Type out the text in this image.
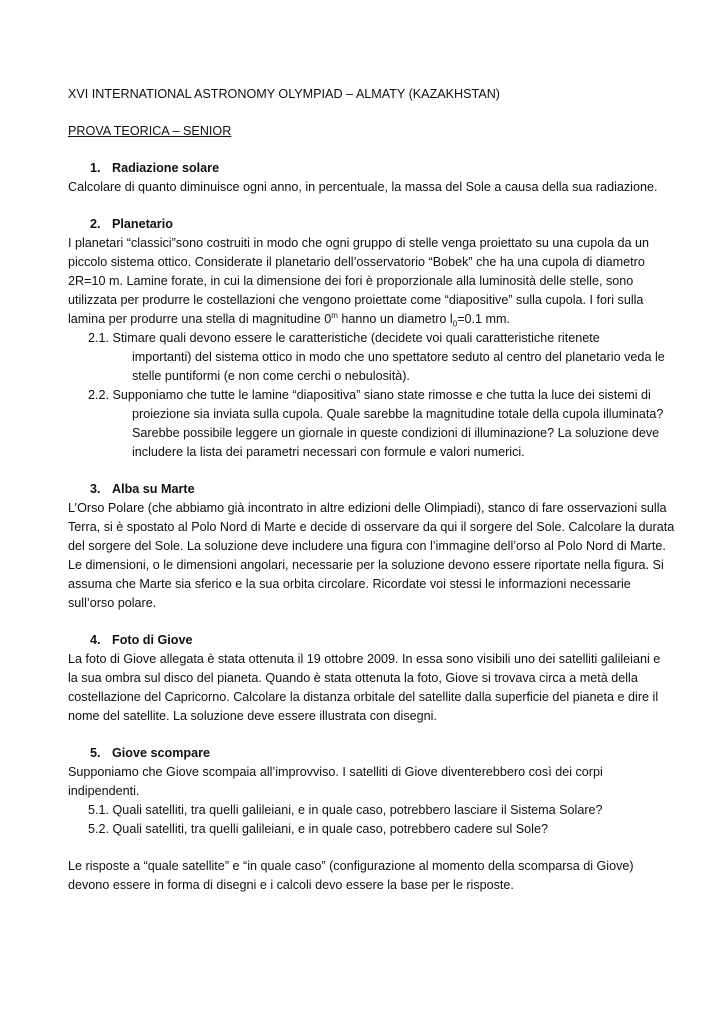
XVI INTERNATIONAL ASTRONOMY OLYMPIAD – ALMATY (KAZAKHSTAN)
PROVA TEORICA – SENIOR
1. Radiazione solare
Calcolare di quanto diminuisce ogni anno, in percentuale, la massa del Sole a causa della sua radiazione.
2. Planetario
I planetari “classici”sono costruiti in modo che ogni gruppo di stelle venga proiettato su una cupola da un
piccolo sistema ottico. Considerate il planetario dell’osservatorio “Bobek” che ha una cupola di diametro
2R=10 m. Lamine forate, in cui la dimensione dei fori è proporzionale alla luminosità delle stelle, sono
utilizzata per produrre le costellazioni che vengono proiettate come “diapositive” sulla cupola. I fori sulla
lamina per produrre una stella di magnitudine 0$^m$ hanno un diametro $l_0=0.1$ mm.
2.1. Stimare quali devono essere le caratteristiche (decidete voi quali caratteristiche ritenete
importanti) del sistema ottico in modo che uno spettatore seduto al centro del planetario veda le
stelle puntiformi (e non come cerchi o nebulosità).
2.2. Supponiamo che tutte le lamine “diapositiva” siano state rimosse e che tutta la luce dei sistemi di
proiezione sia inviata sulla cupola. Quale sarebbe la magnitudine totale della cupola illuminata?
Sarebbe possibile leggere un giornale in queste condizioni di illuminazione? La soluzione deve
includere la lista dei parametri necessari con formule e valori numerici.
3. Alba su Marte
L’Orso Polare (che abbiamo già incontrato in altre edizioni delle Olimpiadi), stanco di fare osservazioni sulla
Terra, si è spostato al Polo Nord di Marte e decide di osservare da qui il sorgere del Sole. Calcolare la durata
del sorgere del Sole. La soluzione deve includere una figura con l’immagine dell’orso al Polo Nord di Marte.
Le dimensioni, o le dimensioni angolari, necessarie per la soluzione devono essere riportate nella figura. Si
assuma che Marte sia sferico e la sua orbita circolare. Ricordate voi stessi le informazioni necessarie
sull’orso polare.
4. Foto di Giove
La foto di Giove allegata è stata ottenuta il 19 ottobre 2009. In essa sono visibili uno dei satelliti galileiani e
la sua ombra sul disco del pianeta. Quando è stata ottenuta la foto, Giove si trovava circa a metà della
costellazione del Capricorno. Calcolare la distanza orbitale del satellite dalla superficie del pianeta e dire il
nome del satellite. La soluzione deve essere illustrata con disegni.
5. Giove scompare
Supponiamo che Giove scompaia all’improvviso. I satelliti di Giove diventerebbero così dei corpi
indipendenti.
5.1. Quali satelliti, tra quelli galileiani, e in quale caso, potrebbero lasciare il Sistema Solare?
5.2. Quali satelliti, tra quelli galileiani, e in quale caso, potrebbero cadere sul Sole?
Le risposte a “quale satellite” e “in quale caso” (configurazione al momento della scomparsa di Giove)
devono essere in forma di disegni e i calcoli devo essere la base per le risposte.
